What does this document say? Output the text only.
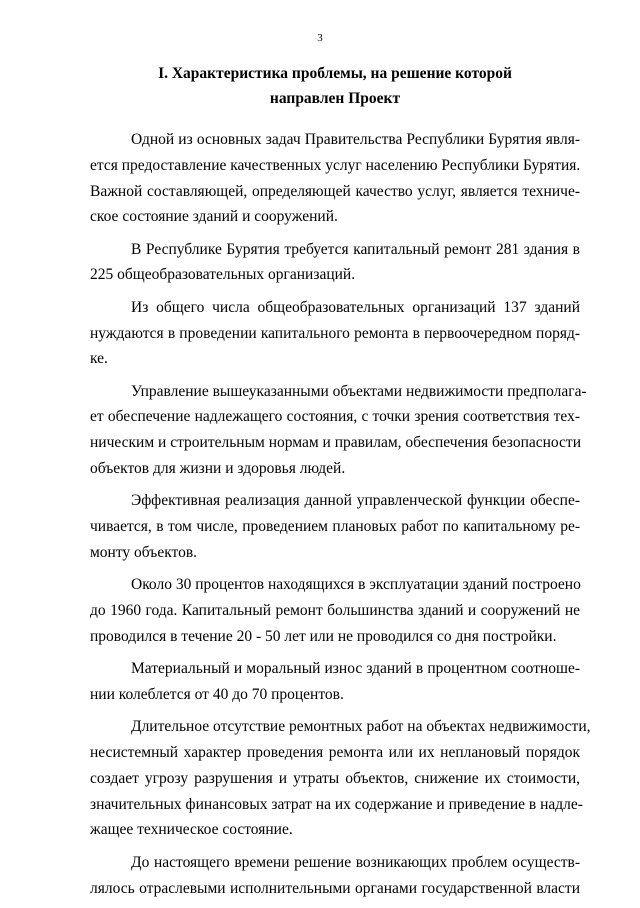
3
I. Характеристика проблемы, на решение которой
направлен Проект
Одной из основных задач Правительства Республики Бурятия явля-
ется предоставление качественных услуг населению Республики Бурятия.
Важной составляющей, определяющей качество услуг, является техниче-
ское состояние зданий и сооружений.
В Республике Бурятия требуется капитальный ремонт 281 здания в
225 общеобразовательных организаций.
Из общего числа общеобразовательных организаций 137 зданий
нуждаются в проведении капитального ремонта в первоочередном поряд-
ке.
Управление вышеуказанными объектами недвижимости предполага-
ет обеспечение надлежащего состояния, с точки зрения соответствия тех-
ническим и строительным нормам и правилам, обеспечения безопасности
объектов для жизни и здоровья людей.
Эффективная реализация данной управленческой функции обеспе-
чивается, в том числе, проведением плановых работ по капитальному ре-
монту объектов.
Около 30 процентов находящихся в эксплуатации зданий построено
до 1960 года. Капитальный ремонт большинства зданий и сооружений не
проводился в течение 20 - 50 лет или не проводился со дня постройки.
Материальный и моральный износ зданий в процентном соотноше-
нии колеблется от 40 до 70 процентов.
Длительное отсутствие ремонтных работ на объектах недвижимости,
несистемный характер проведения ремонта или их неплановый порядок
создает угрозу разрушения и утраты объектов, снижение их стоимости,
значительных финансовых затрат на их содержание и приведение в надле-
жащее техническое состояние.
До настоящего времени решение возникающих проблем осуществ-
лялось отраслевыми исполнительными органами государственной власти
